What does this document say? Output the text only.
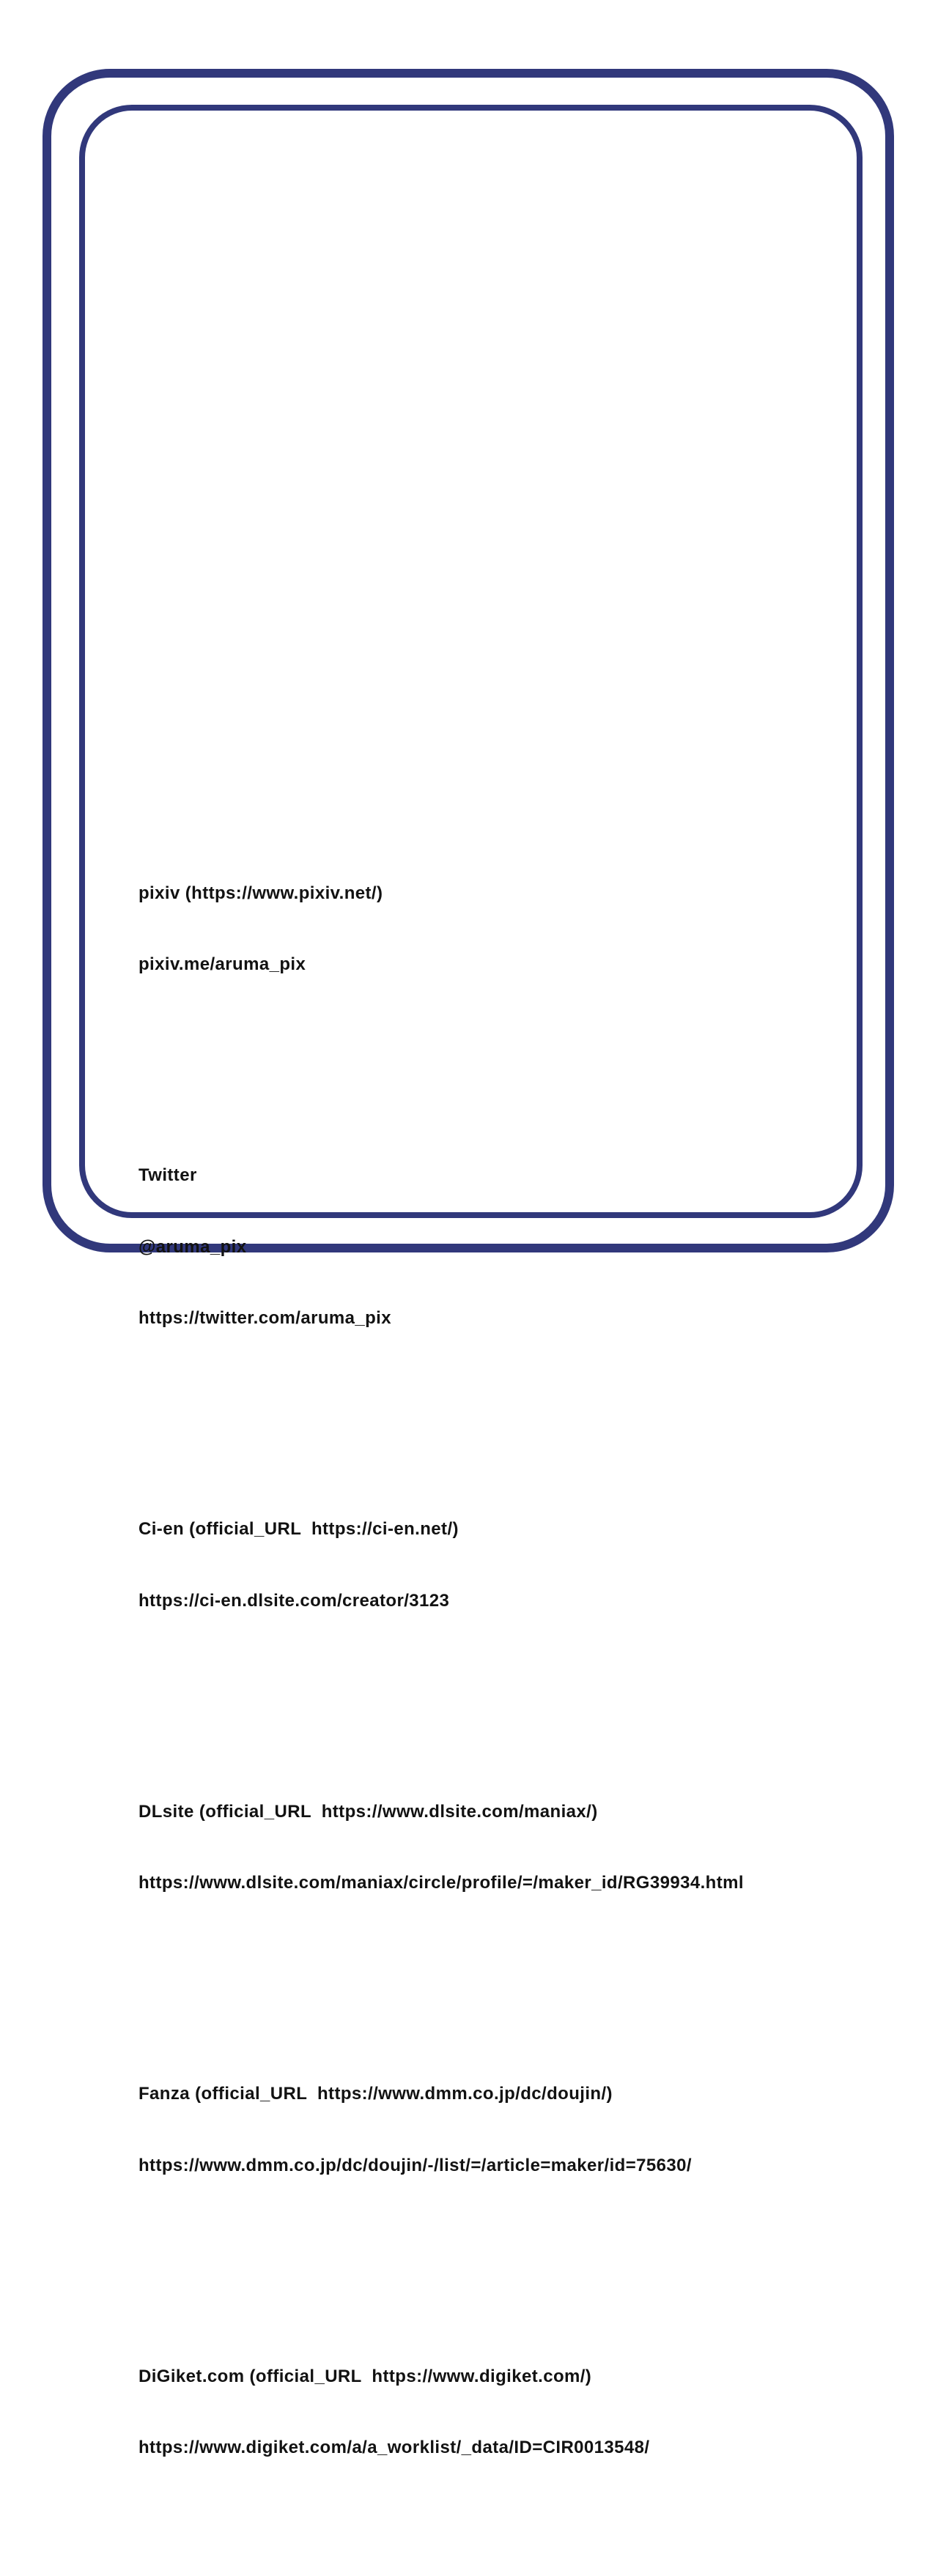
pixiv (https://www.pixiv.net/)

pixiv.me/aruma_pix

Twitter

@aruma_pix

https://twitter.com/aruma_pix

Ci-en (official_URL  https://ci-en.net/)

https://ci-en.dlsite.com/creator/3123

DLsite (official_URL  https://www.dlsite.com/maniax/)

https://www.dlsite.com/maniax/circle/profile/=/maker_id/RG39934.html

Fanza (official_URL  https://www.dmm.co.jp/dc/doujin/)

https://www.dmm.co.jp/dc/doujin/-/list/=/article=maker/id=75630/

DiGiket.com (official_URL  https://www.digiket.com/)

https://www.digiket.com/a/a_worklist/_data/ID=CIR0013548/
